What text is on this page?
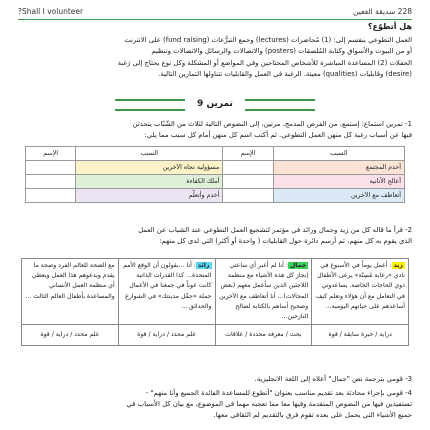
228 سديقة الفعين
Shall I volunteer?
هل أتطوّع؟
العمل التطوعي ينقسم إلى: (1) مُحاضرات (lectures) وجمع التبرُّعات (fund raising) على الانترنت
أو من البيوت والأسواق وكتابة المُلصقات (posters) والاتصالات والرسائل والاتصالات وتنظيم
الحفلات (2) المساعدة المباشرة للأشخاص المحتاجين وفي المواضع أو المشكلة وكل نوع يحتاج إلى رَغبة
(desire) وقابليات (qualities) معينة. الرغبة في العمل والقابليات تتناولها التمارين التالية.
تمرين 9
1- تمرين استماع: إستمع، من الفرص المدمج، مرتين، إلى النصوص التالية لثلاث من الشّبّاب يتحدثن
فيها عن أسباب رغبة كل منهن العمل التطوعي. ثم أكتب اسم كل منهن أمام كل سبب مما يلي:
السبب	الإسم	السبب	الإسم
أخدم المجتمع		مسؤولية تجاه الآخرين	
أعالج الأنانية		أملك الكفاءة	
أتعاطف مع الآخرين		أخدم وأتعلّم	
2- قرأ ما قاله كل من زيد وجمال ورائد في مؤتمر لتشجيع العمل التطوعي عند الشباب عن العمل
الذي يقوم به كل منهم، ثم أرسم دائرة حول القابليات ( واحدة أو أكثر) التي لدى كل منهم:
زيد: أعمل يوماً في الأسبوع في نادي «رعاية مُسِنّة» يرعى الأطفال ذوي الحاجات الخاصة. يساعدوني في التعامل مع أن هؤلاء وتعلم كيف أساعدهم على حياتهم اليومية...	جمال: أنا لم أعبر أي ساعتي إنجاز كل هذه الأشياء مع منظمة اللاجئين الذين سأعمل معهم (بعض المجالات)... أنا أتعاطف مع الآخرين وصحيح أساهم بالكتابة لصالح النازحين...	رائد: أنا ...يقولون أن الوقع الأمم المتحدة... كذا القدرات الذاتية كانت عوناً في جمعنا في الأعمال حملة «جمِّل مدينتك» في الشوارع والحدائق ...	مع الصحة للعالم الفرد وصحة ما يقدم ويدعوهم هذا العمل ويعطي أي منظمة العمل الأنساني والمساعدة بأطفال العالم الثالث ...
دراية / خبرة سابقة / قوة	بحث / معرفة محددة / علاقات	علم محدد / دراية / قوة	علم محدد / دراية / قوة
3- قومي بترجمة نص "جمال" أعلاه إلى اللغة الانجليزية.
4- قومي بإجراء محادثة بعد تقديم مناسب بعنوان "أتطوع للمساعدة الفائدة الجميع وأنا منهم" -
تستفيدين فيها من النصوص المتقدمة وفيها معا مما تعجبه مهما في الموضوع، مع بيان كل الأسباب في
جميع الأشياء التي يحمل على بعده تقوم فرق بالتقديم لم الثقافي معها.
